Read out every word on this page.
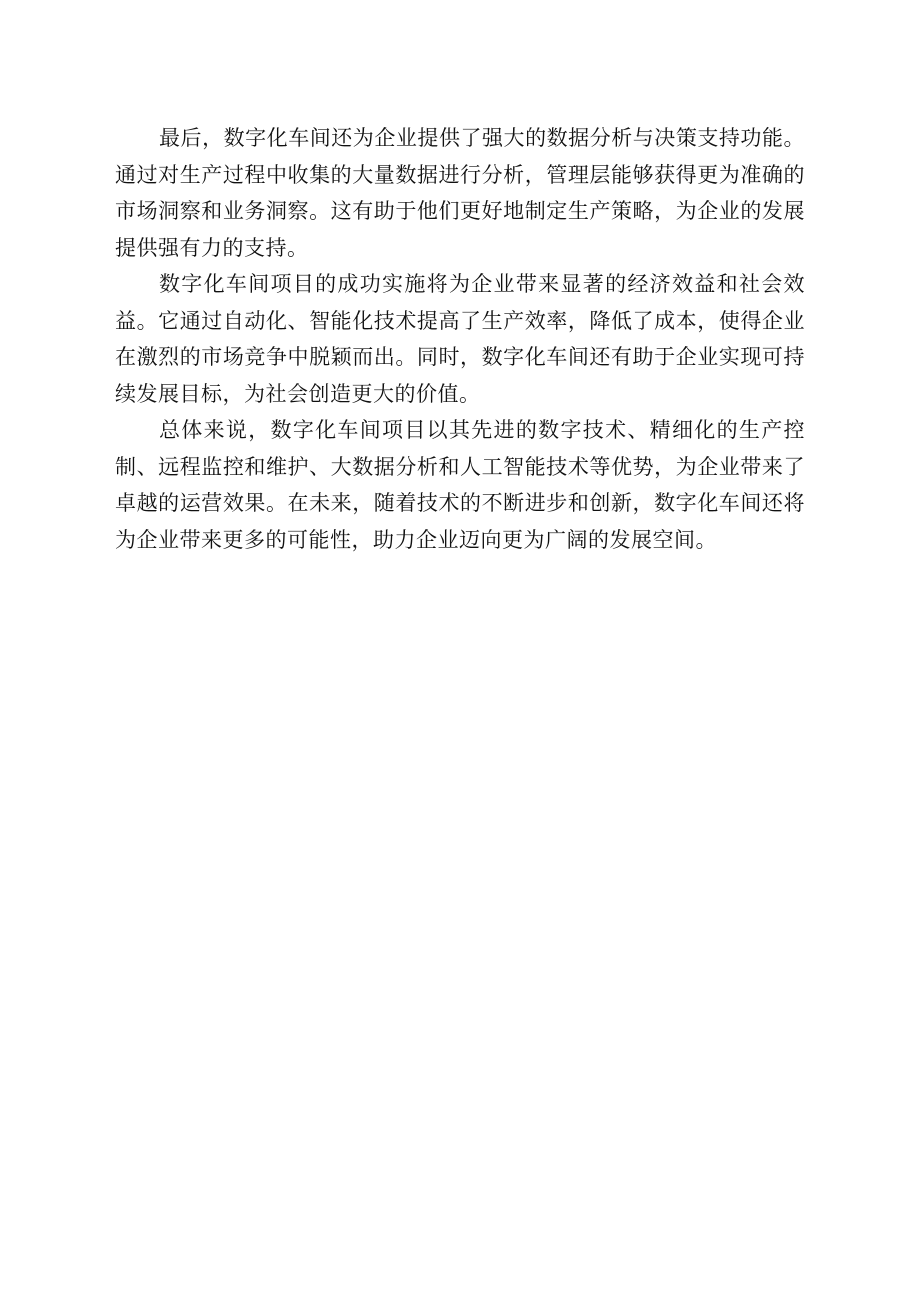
最后，数字化车间还为企业提供了强大的数据分析与决策支持功能。通过对生产过程中收集的大量数据进行分析，管理层能够获得更为准确的市场洞察和业务洞察。这有助于他们更好地制定生产策略，为企业的发展提供强有力的支持。

数字化车间项目的成功实施将为企业带来显著的经济效益和社会效益。它通过自动化、智能化技术提高了生产效率，降低了成本，使得企业在激烈的市场竞争中脱颖而出。同时，数字化车间还有助于企业实现可持续发展目标，为社会创造更大的价值。

总体来说，数字化车间项目以其先进的数字技术、精细化的生产控制、远程监控和维护、大数据分析和人工智能技术等优势，为企业带来了卓越的运营效果。在未来，随着技术的不断进步和创新，数字化车间还将为企业带来更多的可能性，助力企业迈向更为广阔的发展空间。
